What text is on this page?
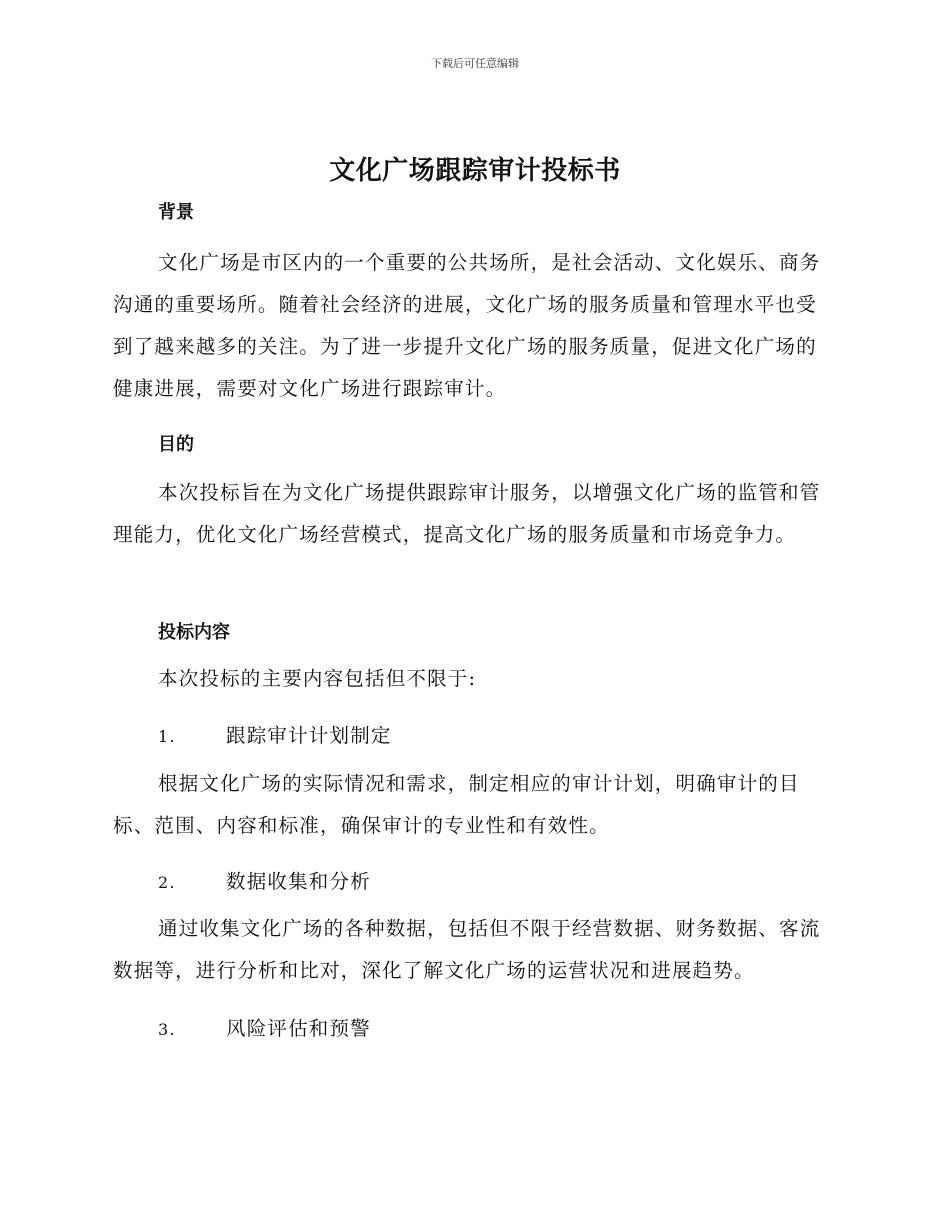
下载后可任意编辑
文化广场跟踪审计投标书
背景
文化广场是市区内的一个重要的公共场所，是社会活动、文化娱乐、商务沟通的重要场所。随着社会经济的进展，文化广场的服务质量和管理水平也受到了越来越多的关注。为了进一步提升文化广场的服务质量，促进文化广场的健康进展，需要对文化广场进行跟踪审计。
目的
本次投标旨在为文化广场提供跟踪审计服务，以增强文化广场的监管和管理能力，优化文化广场经营模式，提高文化广场的服务质量和市场竞争力。
投标内容
本次投标的主要内容包括但不限于:
1.	跟踪审计计划制定
根据文化广场的实际情况和需求，制定相应的审计计划，明确审计的目标、范围、内容和标准，确保审计的专业性和有效性。
2.	数据收集和分析
通过收集文化广场的各种数据，包括但不限于经营数据、财务数据、客流数据等，进行分析和比对，深化了解文化广场的运营状况和进展趋势。
3.	风险评估和预警
